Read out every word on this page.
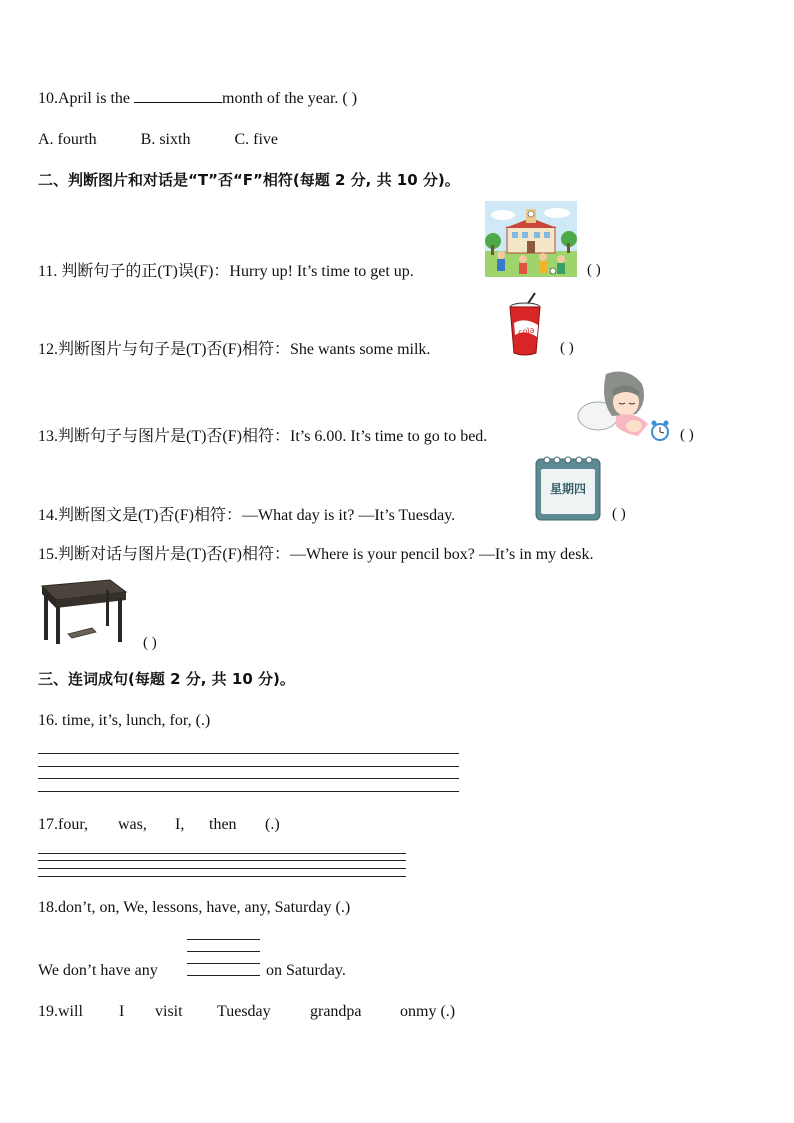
10.April is the	month of the year. ( )
A. fourth	B. sixth	C. five
二、判断图片和对话是“T”否“F”相符(每题 2 分, 共 10 分)。
11. 判断句子的正(T)误(F)：Hurry up! It’s time to get up.	( )
cola
12.判断图片与句子是(T)否(F)相符：She wants some milk.	( )
13.判断句子与图片是(T)否(F)相符：It’s 6.00. It’s time to go to bed.	( )
星期四
14.判断图文是(T)否(F)相符：—What day is it? —It’s Tuesday.	( )
15.判断对话与图片是(T)否(F)相符：—Where is your pencil box? —It’s in my desk.
( )
三、连词成句(每题 2 分, 共 10 分)。
16. time, it’s, lunch, for, (.)
17.four, was, I, then (.)
18.don’t, on, We, lessons, have, any, Saturday (.)
We don’t have any	on Saturday.
19.will I visit Tuesday grandpa onmy (.)
